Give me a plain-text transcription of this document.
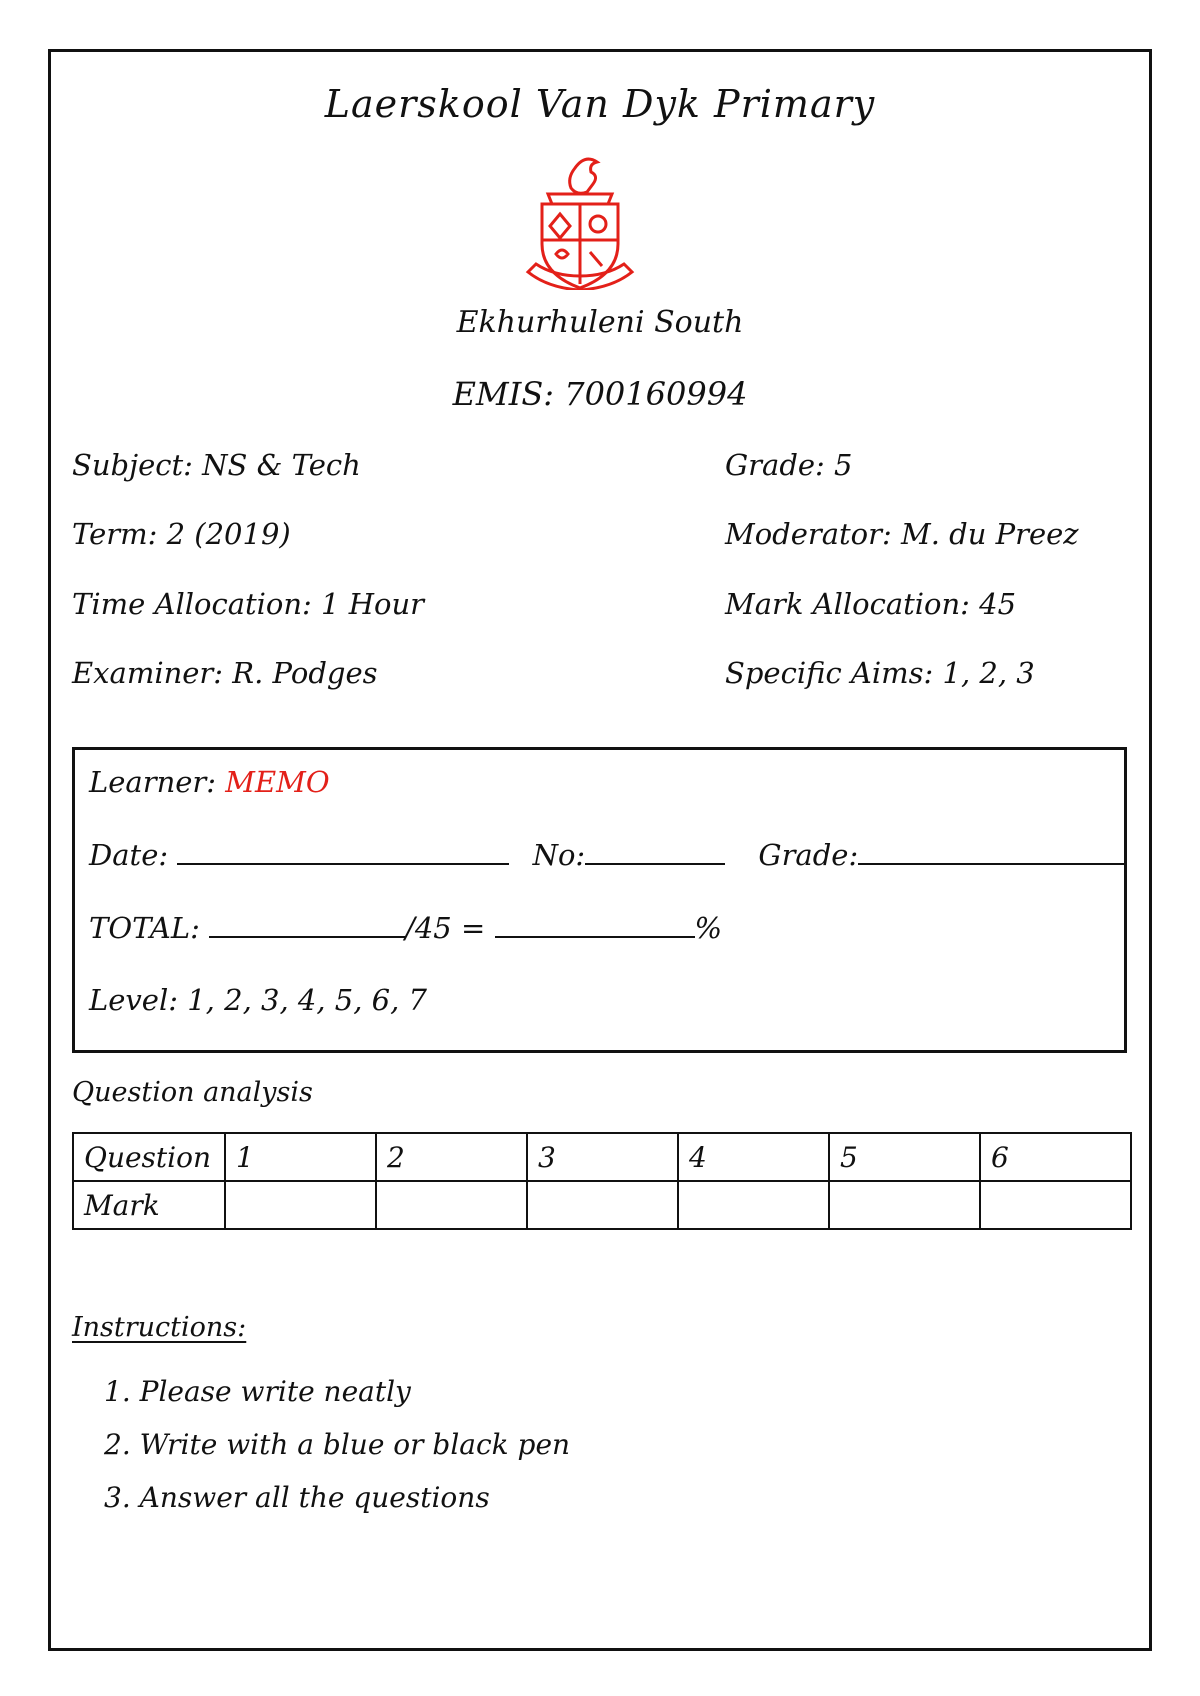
Laerskool Van Dyk Primary
Ekhurhuleni South
EMIS: 700160994
Subject: NS & Tech	Grade: 5
Term: 2 (2019)	Moderator: M. du Preez
Time Allocation: 1 Hour	Mark Allocation: 45
Examiner: R. Podges	Specific Aims: 1, 2, 3
Learner: MEMO
Date:	No:	Grade:
TOTAL:	/45 =	%
Level: 1, 2, 3, 4, 5, 6, 7
Question analysis
Question	1	2	3	4	5	6
Mark						
Instructions:
1. Please write neatly
2. Write with a blue or black pen
3. Answer all the questions
